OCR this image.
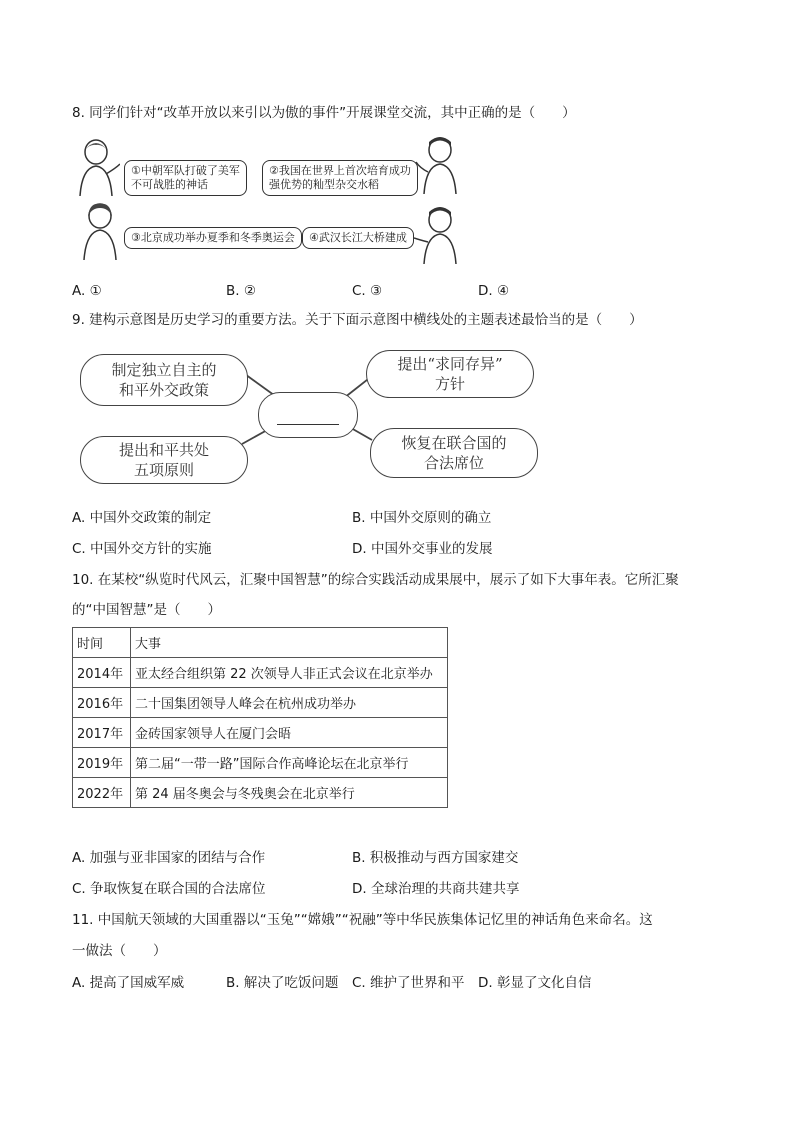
8. 同学们针对“改革开放以来引以为傲的事件”开展课堂交流，其中正确的是（　　）
①中朝军队打破了美军
不可战胜的神话
②我国在世界上首次培育成功
强优势的籼型杂交水稻
③北京成功举办夏季和冬季奥运会 ④武汉长江大桥建成
A. ①	B. ②	C. ③	D. ④
9. 建构示意图是历史学习的重要方法。关于下面示意图中横线处的主题表述最恰当的是（　　）
制定独立自主的
和平外交政策
提出“求同存异”
方针
提出和平共处
五项原则
恢复在联合国的
合法席位
A. 中国外交政策的制定	B. 中国外交原则的确立
C. 中国外交方针的实施	D. 中国外交事业的发展
10. 在某校“纵览时代风云，汇聚中国智慧”的综合实践活动成果展中，展示了如下大事年表。它所汇聚
的“中国智慧”是（　　）
时间	大事
2014年	亚太经合组织第 22 次领导人非正式会议在北京举办
2016年	二十国集团领导人峰会在杭州成功举办
2017年	金砖国家领导人在厦门会晤
2019年	第二届“一带一路”国际合作高峰论坛在北京举行
2022年	第 24 届冬奥会与冬残奥会在北京举行
A. 加强与亚非国家的团结与合作	B. 积极推动与西方国家建交
C. 争取恢复在联合国的合法席位	D. 全球治理的共商共建共享
11. 中国航天领域的大国重器以“玉兔”“嫦娥”“祝融”等中华民族集体记忆里的神话角色来命名。这
一做法（　　）
A. 提高了国威军威	B. 解决了吃饭问题 C. 维护了世界和平 D. 彰显了文化自信
